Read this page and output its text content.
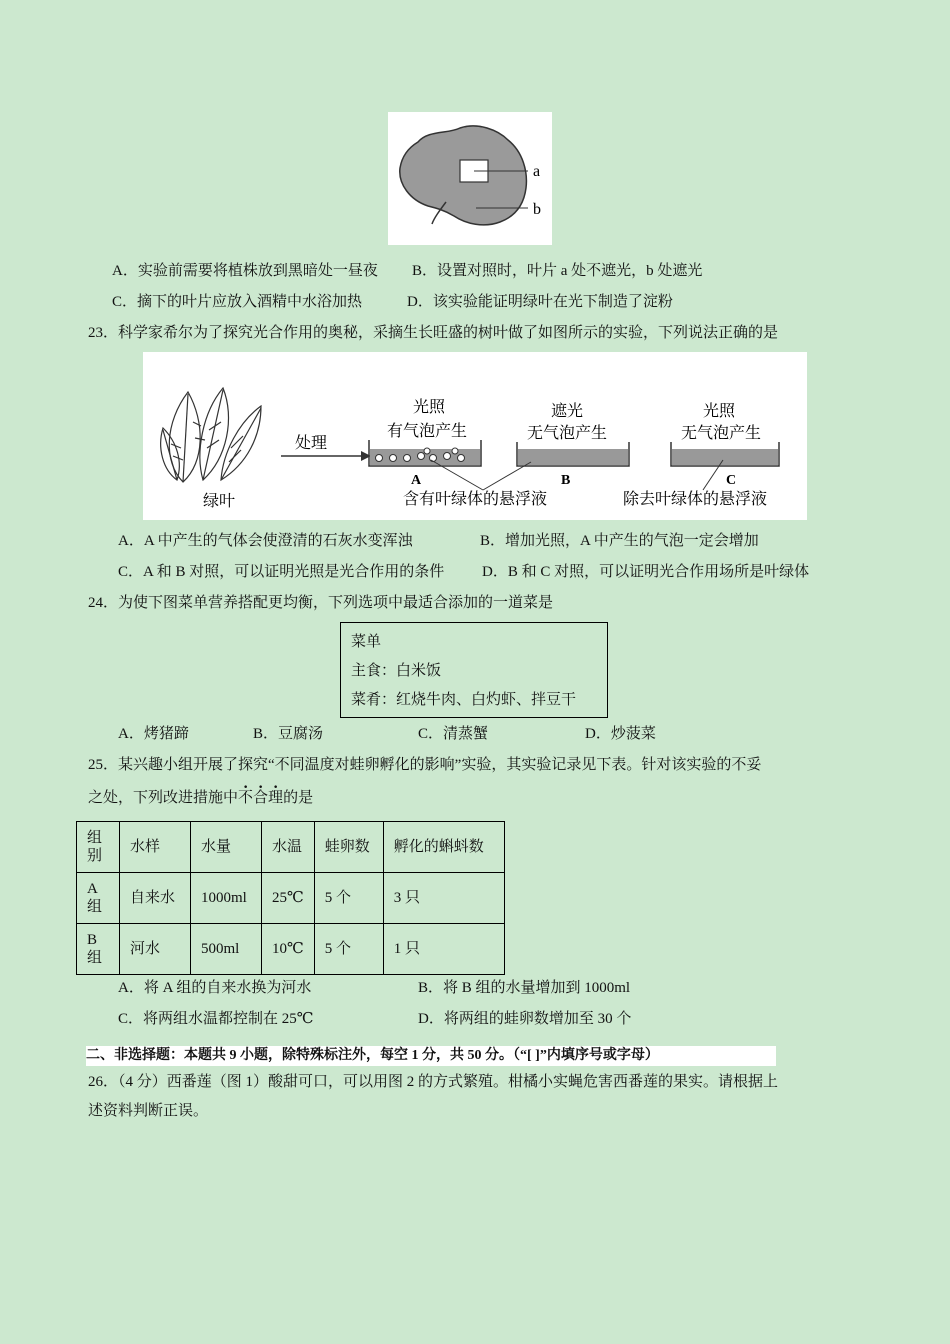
a
b
A．实验前需要将植株放到黑暗处一昼夜 B．设置对照时，叶片 a 处不遮光，b 处遮光
C．摘下的叶片应放入酒精中水浴加热	D．该实验能证明绿叶在光下制造了淀粉
23．科学家希尔为了探究光合作用的奥秘，采摘生长旺盛的树叶做了如图所示的实验，下列说法正确的是
绿叶
处理
光照
有气泡产生
A
遮光
无气泡产生
B
光照
无气泡产生
C
含有叶绿体的悬浮液	除去叶绿体的悬浮液
A．A 中产生的气体会使澄清的石灰水变浑浊	B．增加光照，A 中产生的气泡一定会增加
C．A 和 B 对照，可以证明光照是光合作用的条件	D．B 和 C 对照，可以证明光合作用场所是叶绿体
24．为使下图菜单营养搭配更均衡，下列选项中最适合添加的一道菜是
菜单
主食：白米饭
菜肴：红烧牛肉、白灼虾、拌豆干
A．烤猪蹄	B．豆腐汤	C．清蒸蟹	D．炒菠菜
25．某兴趣小组开展了探究“不同温度对蛙卵孵化的影响”实验，其实验记录见下表。针对该实验的不妥
之处，下列改进措施中不合理的是
组别	水样	水量	水温	蛙卵数	孵化的蝌蚪数
A 组	自来水	1000ml	25℃	5 个	3 只
B 组	河水	500ml	10℃	5 个	1 只
A．将 A 组的自来水换为河水	B．将 B 组的水量增加到 1000ml
C．将两组水温都控制在 25℃	D．将两组的蛙卵数增加至 30 个
二、非选择题：本题共 9 小题，除特殊标注外，每空 1 分，共 50 分。（“[ ]”内填序号或字母）
26．（4 分）西番莲（图 1）酸甜可口，可以用图 2 的方式繁殖。柑橘小实蝇危害西番莲的果实。请根据上
述资料判断正误。
